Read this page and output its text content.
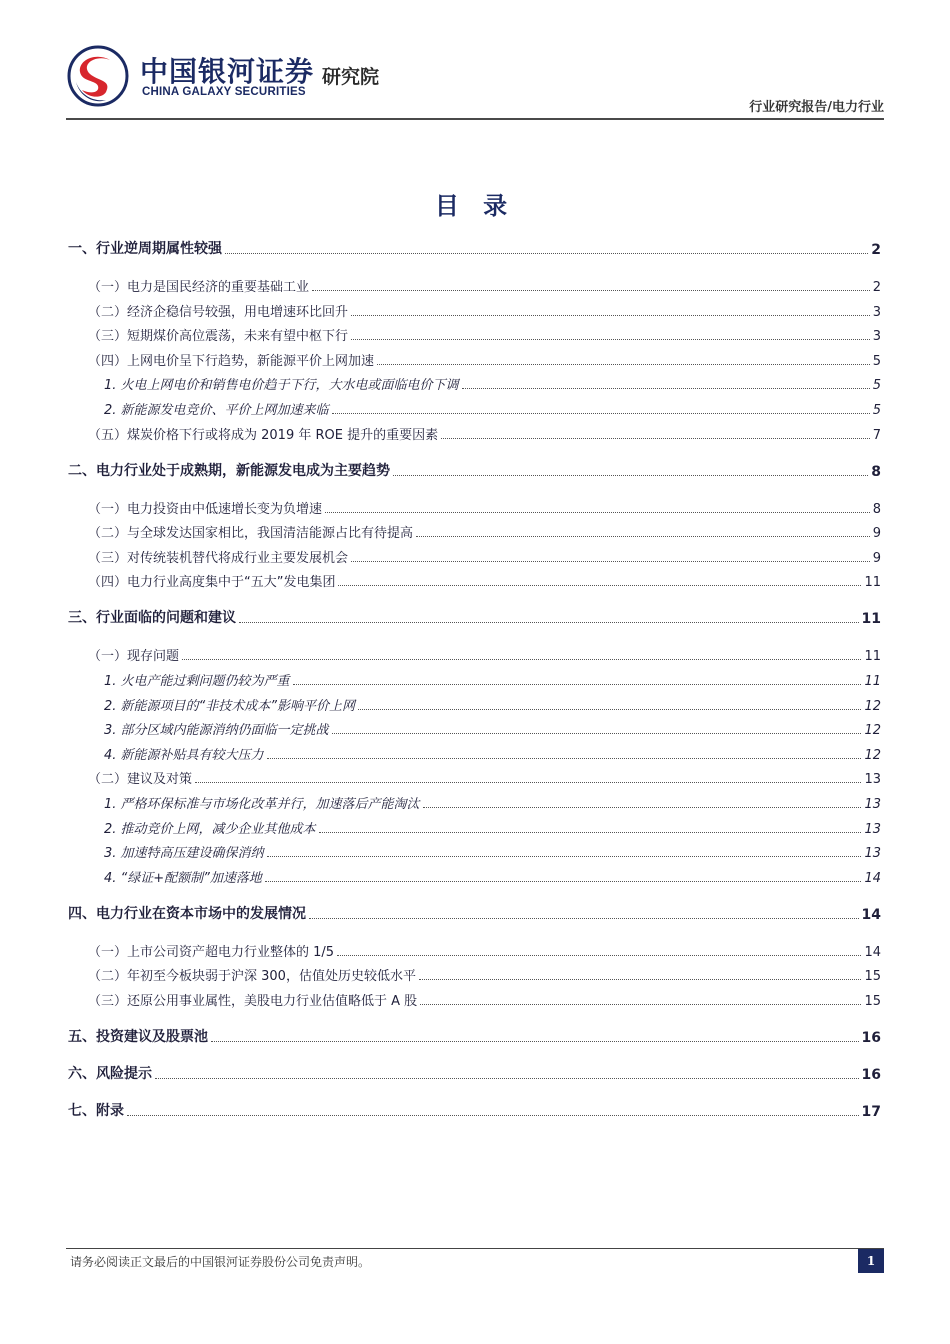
中国银河证券 研究院
CHINA GALAXY SECURITIES
行业研究报告/电力行业
目 录
一、行业逆周期属性较强	2
（一）电力是国民经济的重要基础工业	2
（二）经济企稳信号较强，用电增速环比回升	3
（三）短期煤价高位震荡，未来有望中枢下行	3
（四）上网电价呈下行趋势，新能源平价上网加速	5
1. 火电上网电价和销售电价趋于下行，大水电或面临电价下调	5
2. 新能源发电竞价、平价上网加速来临	5
（五）煤炭价格下行或将成为 2019 年 ROE 提升的重要因素	7
二、电力行业处于成熟期，新能源发电成为主要趋势	8
（一）电力投资由中低速增长变为负增速	8
（二）与全球发达国家相比，我国清洁能源占比有待提高	9
（三）对传统装机替代将成行业主要发展机会	9
（四）电力行业高度集中于“五大”发电集团	11
三、行业面临的问题和建议	11
（一）现存问题	11
1. 火电产能过剩问题仍较为严重	11
2. 新能源项目的“非技术成本”影响平价上网	12
3. 部分区域内能源消纳仍面临一定挑战	12
4. 新能源补贴具有较大压力	12
（二）建议及对策	13
1. 严格环保标准与市场化改革并行，加速落后产能淘汰	13
2. 推动竞价上网，减少企业其他成本	13
3. 加速特高压建设确保消纳	13
4. “绿证+配额制”加速落地	14
四、电力行业在资本市场中的发展情况	14
（一）上市公司资产超电力行业整体的 1/5	14
（二）年初至今板块弱于沪深 300，估值处历史较低水平	15
（三）还原公用事业属性，美股电力行业估值略低于 A 股	15
五、投资建议及股票池	16
六、风险提示	16
七、附录	17
请务必阅读正文最后的中国银河证券股份公司免责声明。	1
